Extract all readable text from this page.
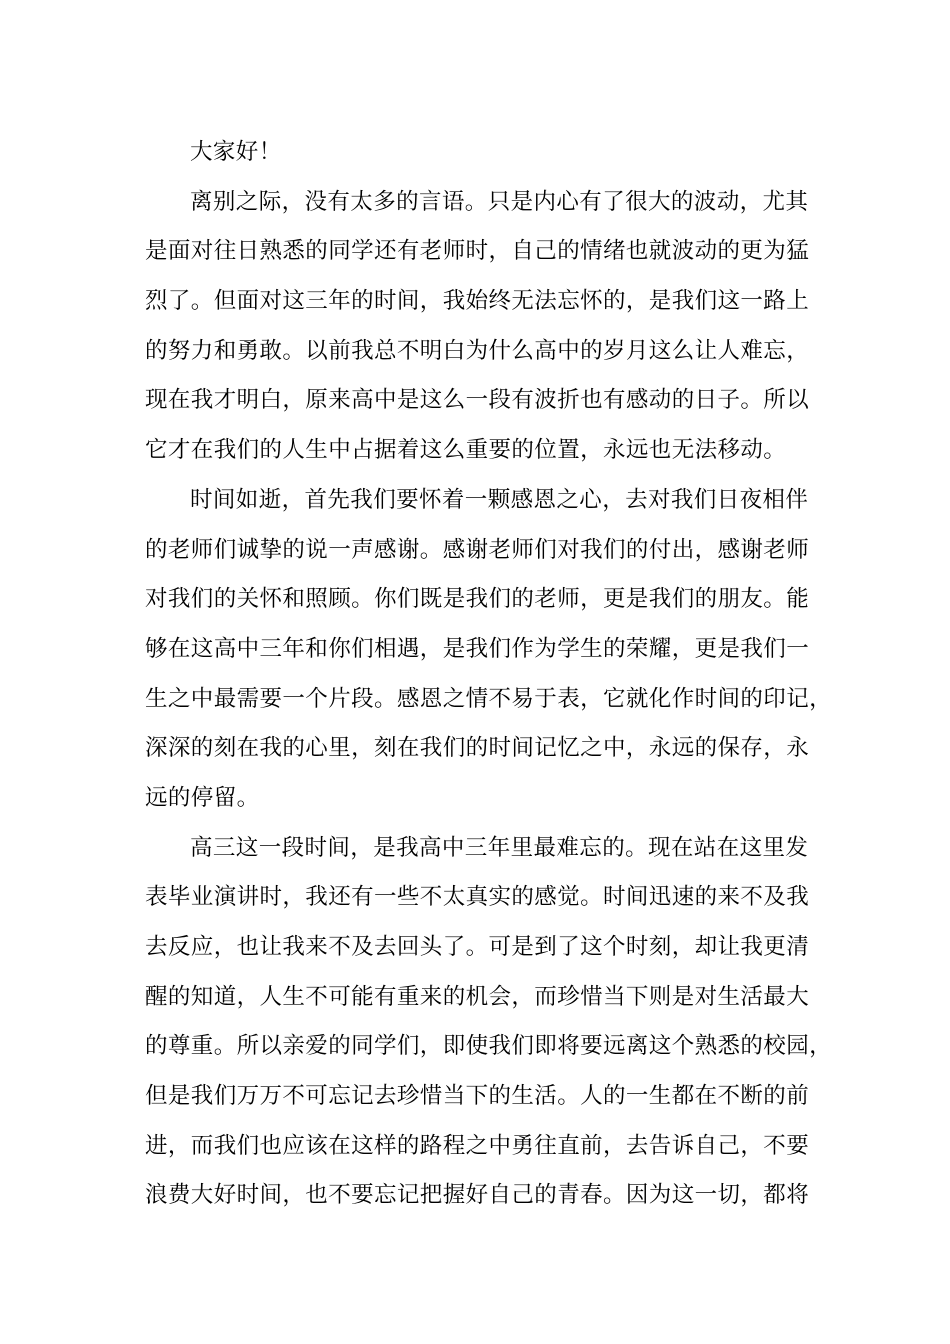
大家好！
离别之际，没有太多的言语。只是内心有了很大的波动，尤其
是面对往日熟悉的同学还有老师时，自己的情绪也就波动的更为猛
烈了。但面对这三年的时间，我始终无法忘怀的，是我们这一路上
的努力和勇敢。以前我总不明白为什么高中的岁月这么让人难忘，
现在我才明白，原来高中是这么一段有波折也有感动的日子。所以
它才在我们的人生中占据着这么重要的位置，永远也无法移动。
时间如逝，首先我们要怀着一颗感恩之心，去对我们日夜相伴
的老师们诚挚的说一声感谢。感谢老师们对我们的付出，感谢老师
对我们的关怀和照顾。你们既是我们的老师，更是我们的朋友。能
够在这高中三年和你们相遇，是我们作为学生的荣耀，更是我们一
生之中最需要一个片段。感恩之情不易于表，它就化作时间的印记，
深深的刻在我的心里，刻在我们的时间记忆之中，永远的保存，永
远的停留。
高三这一段时间，是我高中三年里最难忘的。现在站在这里发
表毕业演讲时，我还有一些不太真实的感觉。时间迅速的来不及我
去反应，也让我来不及去回头了。可是到了这个时刻，却让我更清
醒的知道，人生不可能有重来的机会，而珍惜当下则是对生活最大
的尊重。所以亲爱的同学们，即使我们即将要远离这个熟悉的校园，
但是我们万万不可忘记去珍惜当下的生活。人的一生都在不断的前
进，而我们也应该在这样的路程之中勇往直前，去告诉自己，不要
浪费大好时间，也不要忘记把握好自己的青春。因为这一切，都将
